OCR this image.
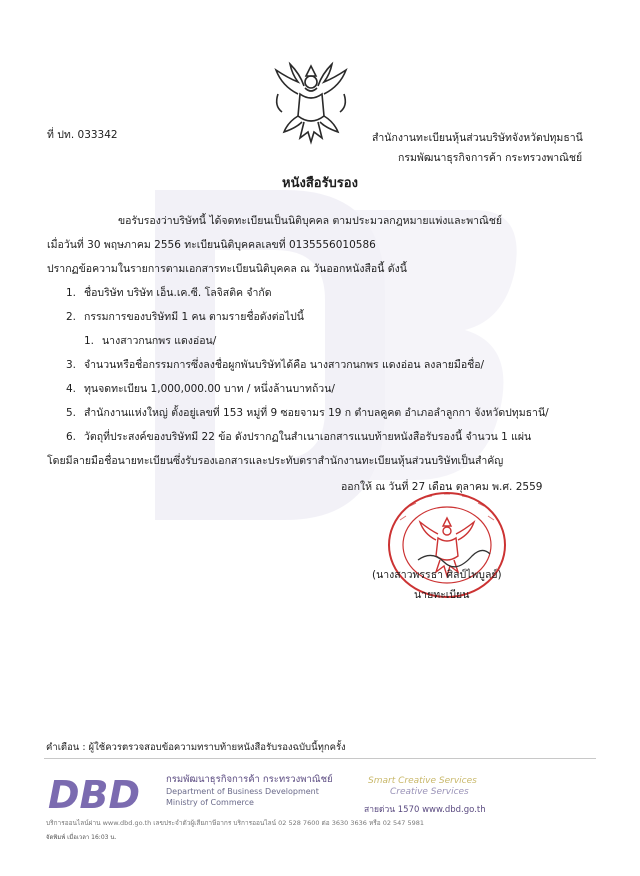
ที่ ปท. 033342	สำนักงานทะเบียนหุ้นส่วนบริษัทจังหวัดปทุมธานี
กรมพัฒนาธุรกิจการค้า กระทรวงพาณิชย์
หนังสือรับรอง
ขอรับรองว่าบริษัทนี้ ได้จดทะเบียนเป็นนิติบุคคล ตามประมวลกฎหมายแพ่งและพาณิชย์
เมื่อวันที่ 30 พฤษภาคม 2556 ทะเบียนนิติบุคคลเลขที่ 0135556010586
ปรากฏข้อความในรายการตามเอกสารทะเบียนนิติบุคคล ณ วันออกหนังสือนี้ ดังนี้
1. ชื่อบริษัท บริษัท เอ็น.เค.ซี. โลจิสติค จำกัด
2. กรรมการของบริษัทมี 1 คน ตามรายชื่อดังต่อไปนี้
1. นางสาวกนกพร แดงอ่อน/
3. จำนวนหรือชื่อกรรมการซึ่งลงชื่อผูกพันบริษัทได้คือ นางสาวกนกพร แดงอ่อน ลงลายมือชื่อ/
4. ทุนจดทะเบียน 1,000,000.00 บาท / หนึ่งล้านบาทถ้วน/
5. สำนักงานแห่งใหญ่ ตั้งอยู่เลขที่ 153 หมู่ที่ 9 ซอยจามร 19 ก ตำบลคูคต อำเภอลำลูกกา จังหวัดปทุมธานี/
6. วัตถุที่ประสงค์ของบริษัทมี 22 ข้อ ดังปรากฏในสำเนาเอกสารแนบท้ายหนังสือรับรองนี้ จำนวน 1 แผ่น
โดยมีลายมือชื่อนายทะเบียนซึ่งรับรองเอกสารและประทับตราสำนักงานทะเบียนหุ้นส่วนบริษัทเป็นสำคัญ
ออกให้ ณ วันที่ 27 เดือน ตุลาคม พ.ศ. 2559
(นางสาวพรรธา ศิลป์ไพบูลย์)
นายทะเบียน
คำเตือน : ผู้ใช้ควรตรวจสอบข้อความทราบท้ายหนังสือรับรองฉบับนี้ทุกครั้ง
DBD	กรมพัฒนาธุรกิจการค้า กระทรวงพาณิชย์
Department of Business Development
Ministry of Commerce
Smart Creative Services
Creative Services
สายด่วน 1570 www.dbd.go.th
บริการออนไลน์ผ่าน www.dbd.go.th เลขประจำตัวผู้เสียภาษีอากร บริการออนไลน์ 02 528 7600 ต่อ 3630 3636 หรือ 02 547 5981
จัดพิมพ์ เมื่อเวลา 16:03 น.
